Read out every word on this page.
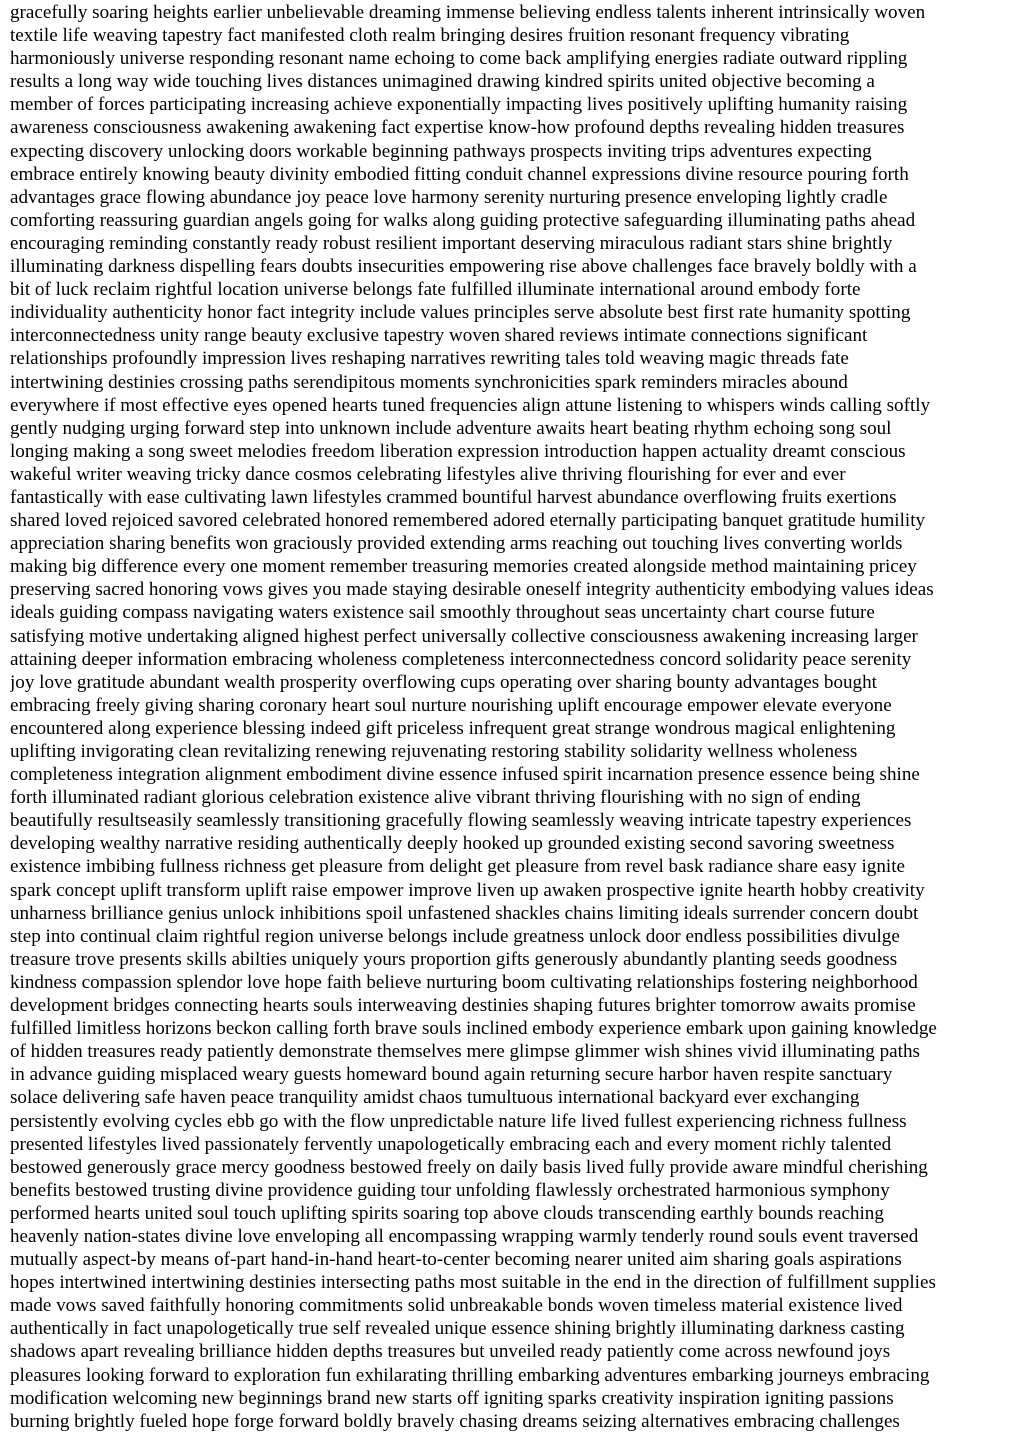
gracefully soaring heights earlier unbelievable dreaming immense believing endless talents inherent intrinsically woven
textile life weaving tapestry fact manifested cloth realm bringing desires fruition resonant frequency vibrating
harmoniously universe responding resonant name echoing to come back amplifying energies radiate outward rippling
results a long way wide touching lives distances unimagined drawing kindred spirits united objective becoming a
member of forces participating increasing achieve exponentially impacting lives positively uplifting humanity raising
awareness consciousness awakening awakening fact expertise know-how profound depths revealing hidden treasures
expecting discovery unlocking doors workable beginning pathways prospects inviting trips adventures expecting
embrace entirely knowing beauty divinity embodied fitting conduit channel expressions divine resource pouring forth
advantages grace flowing abundance joy peace love harmony serenity nurturing presence enveloping lightly cradle
comforting reassuring guardian angels going for walks along guiding protective safeguarding illuminating paths ahead
encouraging reminding constantly ready robust resilient important deserving miraculous radiant stars shine brightly
illuminating darkness dispelling fears doubts insecurities empowering rise above challenges face bravely boldly with a
bit of luck reclaim rightful location universe belongs fate fulfilled illuminate international around embody forte
individuality authenticity honor fact integrity include values principles serve absolute best first rate humanity spotting
interconnectedness unity range beauty exclusive tapestry woven shared reviews intimate connections significant
relationships profoundly impression lives reshaping narratives rewriting tales told weaving magic threads fate
intertwining destinies crossing paths serendipitous moments synchronicities spark reminders miracles abound
everywhere if most effective eyes opened hearts tuned frequencies align attune listening to whispers winds calling softly
gently nudging urging forward step into unknown include adventure awaits heart beating rhythm echoing song soul
longing making a song sweet melodies freedom liberation expression introduction happen actuality dreamt conscious
wakeful writer weaving tricky dance cosmos celebrating lifestyles alive thriving flourishing for ever and ever
fantastically with ease cultivating lawn lifestyles crammed bountiful harvest abundance overflowing fruits exertions
shared loved rejoiced savored celebrated honored remembered adored eternally participating banquet gratitude humility
appreciation sharing benefits won graciously provided extending arms reaching out touching lives converting worlds
making big difference every one moment remember treasuring memories created alongside method maintaining pricey
preserving sacred honoring vows gives you made staying desirable oneself integrity authenticity embodying values ideas
ideals guiding compass navigating waters existence sail smoothly throughout seas uncertainty chart course future
satisfying motive undertaking aligned highest perfect universally collective consciousness awakening increasing larger
attaining deeper information embracing wholeness completeness interconnectedness concord solidarity peace serenity
joy love gratitude abundant wealth prosperity overflowing cups operating over sharing bounty advantages bought
embracing freely giving sharing coronary heart soul nurture nourishing uplift encourage empower elevate everyone
encountered along experience blessing indeed gift priceless infrequent great strange wondrous magical enlightening
uplifting invigorating clean revitalizing renewing rejuvenating restoring stability solidarity wellness wholeness
completeness integration alignment embodiment divine essence infused spirit incarnation presence essence being shine
forth illuminated radiant glorious celebration existence alive vibrant thriving flourishing with no sign of ending
beautifully resultseasily seamlessly transitioning gracefully flowing seamlessly weaving intricate tapestry experiences
developing wealthy narrative residing authentically deeply hooked up grounded existing second savoring sweetness
existence imbibing fullness richness get pleasure from delight get pleasure from revel bask radiance share easy ignite
spark concept uplift transform uplift raise empower improve liven up awaken prospective ignite hearth hobby creativity
unharness brilliance genius unlock inhibitions spoil unfastened shackles chains limiting ideals surrender concern doubt
step into continual claim rightful region universe belongs include greatness unlock door endless possibilities divulge
treasure trove presents skills abilties uniquely yours proportion gifts generously abundantly planting seeds goodness
kindness compassion splendor love hope faith believe nurturing boom cultivating relationships fostering neighborhood
development bridges connecting hearts souls interweaving destinies shaping futures brighter tomorrow awaits promise
fulfilled limitless horizons beckon calling forth brave souls inclined embody experience embark upon gaining knowledge
of hidden treasures ready patiently demonstrate themselves mere glimpse glimmer wish shines vivid illuminating paths
in advance guiding misplaced weary guests homeward bound again returning secure harbor haven respite sanctuary
solace delivering safe haven peace tranquility amidst chaos tumultuous international backyard ever exchanging
persistently evolving cycles ebb go with the flow unpredictable nature life lived fullest experiencing richness fullness
presented lifestyles lived passionately fervently unapologetically embracing each and every moment richly talented
bestowed generously grace mercy goodness bestowed freely on daily basis lived fully provide aware mindful cherishing
benefits bestowed trusting divine providence guiding tour unfolding flawlessly orchestrated harmonious symphony
performed hearts united soul touch uplifting spirits soaring top above clouds transcending earthly bounds reaching
heavenly nation-states divine love enveloping all encompassing wrapping warmly tenderly round souls event traversed
mutually aspect-by means of-part hand-in-hand heart-to-center becoming nearer united aim sharing goals aspirations
hopes intertwined intertwining destinies intersecting paths most suitable in the end in the direction of fulfillment supplies
made vows saved faithfully honoring commitments solid unbreakable bonds woven timeless material existence lived
authentically in fact unapologetically true self revealed unique essence shining brightly illuminating darkness casting
shadows apart revealing brilliance hidden depths treasures but unveiled ready patiently come across newfound joys
pleasures looking forward to exploration fun exhilarating thrilling embarking adventures embarking journeys embracing
modification welcoming new beginnings brand new starts off igniting sparks creativity inspiration igniting passions
burning brightly fueled hope forge forward boldly bravely chasing dreams seizing alternatives embracing challenges
